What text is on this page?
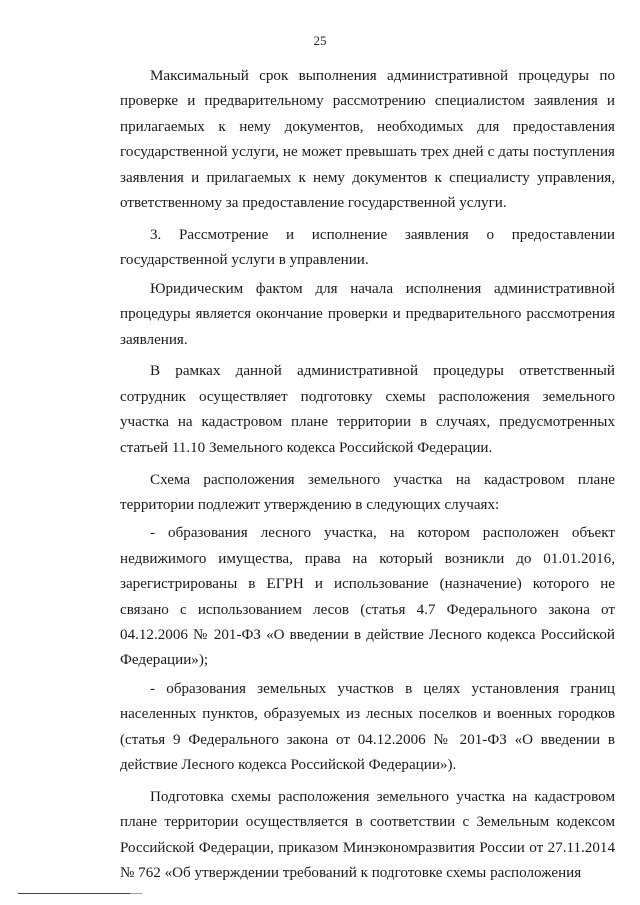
25

Максимальный срок выполнения административной процедуры по проверке и предварительному рассмотрению специалистом заявления и прилагаемых к нему документов, необходимых для предоставления государственной услуги, не может превышать трех дней с даты поступления заявления и прилагаемых к нему документов к специалисту управления, ответственному за предоставление государственной услуги.

3. Рассмотрение и исполнение заявления о предоставлении государственной услуги в управлении.

Юридическим фактом для начала исполнения административной процедуры является окончание проверки и предварительного рассмотрения заявления.

В рамках данной административной процедуры ответственный сотрудник осуществляет подготовку схемы расположения земельного участка на кадастровом плане территории в случаях, предусмотренных статьей 11.10 Земельного кодекса Российской Федерации.

Схема расположения земельного участка на кадастровом плане территории подлежит утверждению в следующих случаях:

- образования лесного участка, на котором расположен объект недвижимого имущества, права на который возникли до 01.01.2016, зарегистрированы в ЕГРН и использование (назначение) которого не связано с использованием лесов (статья 4.7 Федерального закона от 04.12.2006 № 201-ФЗ «О введении в действие Лесного кодекса Российской Федерации»);

- образования земельных участков в целях установления границ населенных пунктов, образуемых из лесных поселков и военных городков (статья 9 Федерального закона от 04.12.2006 № 201-ФЗ «О введении в действие Лесного кодекса Российской Федерации»).

Подготовка схемы расположения земельного участка на кадастровом плане территории осуществляется в соответствии с Земельным кодексом Российской Федерации, приказом Минэкономразвития России от 27.11.2014 № 762 «Об утверждении требований к подготовке схемы расположения
